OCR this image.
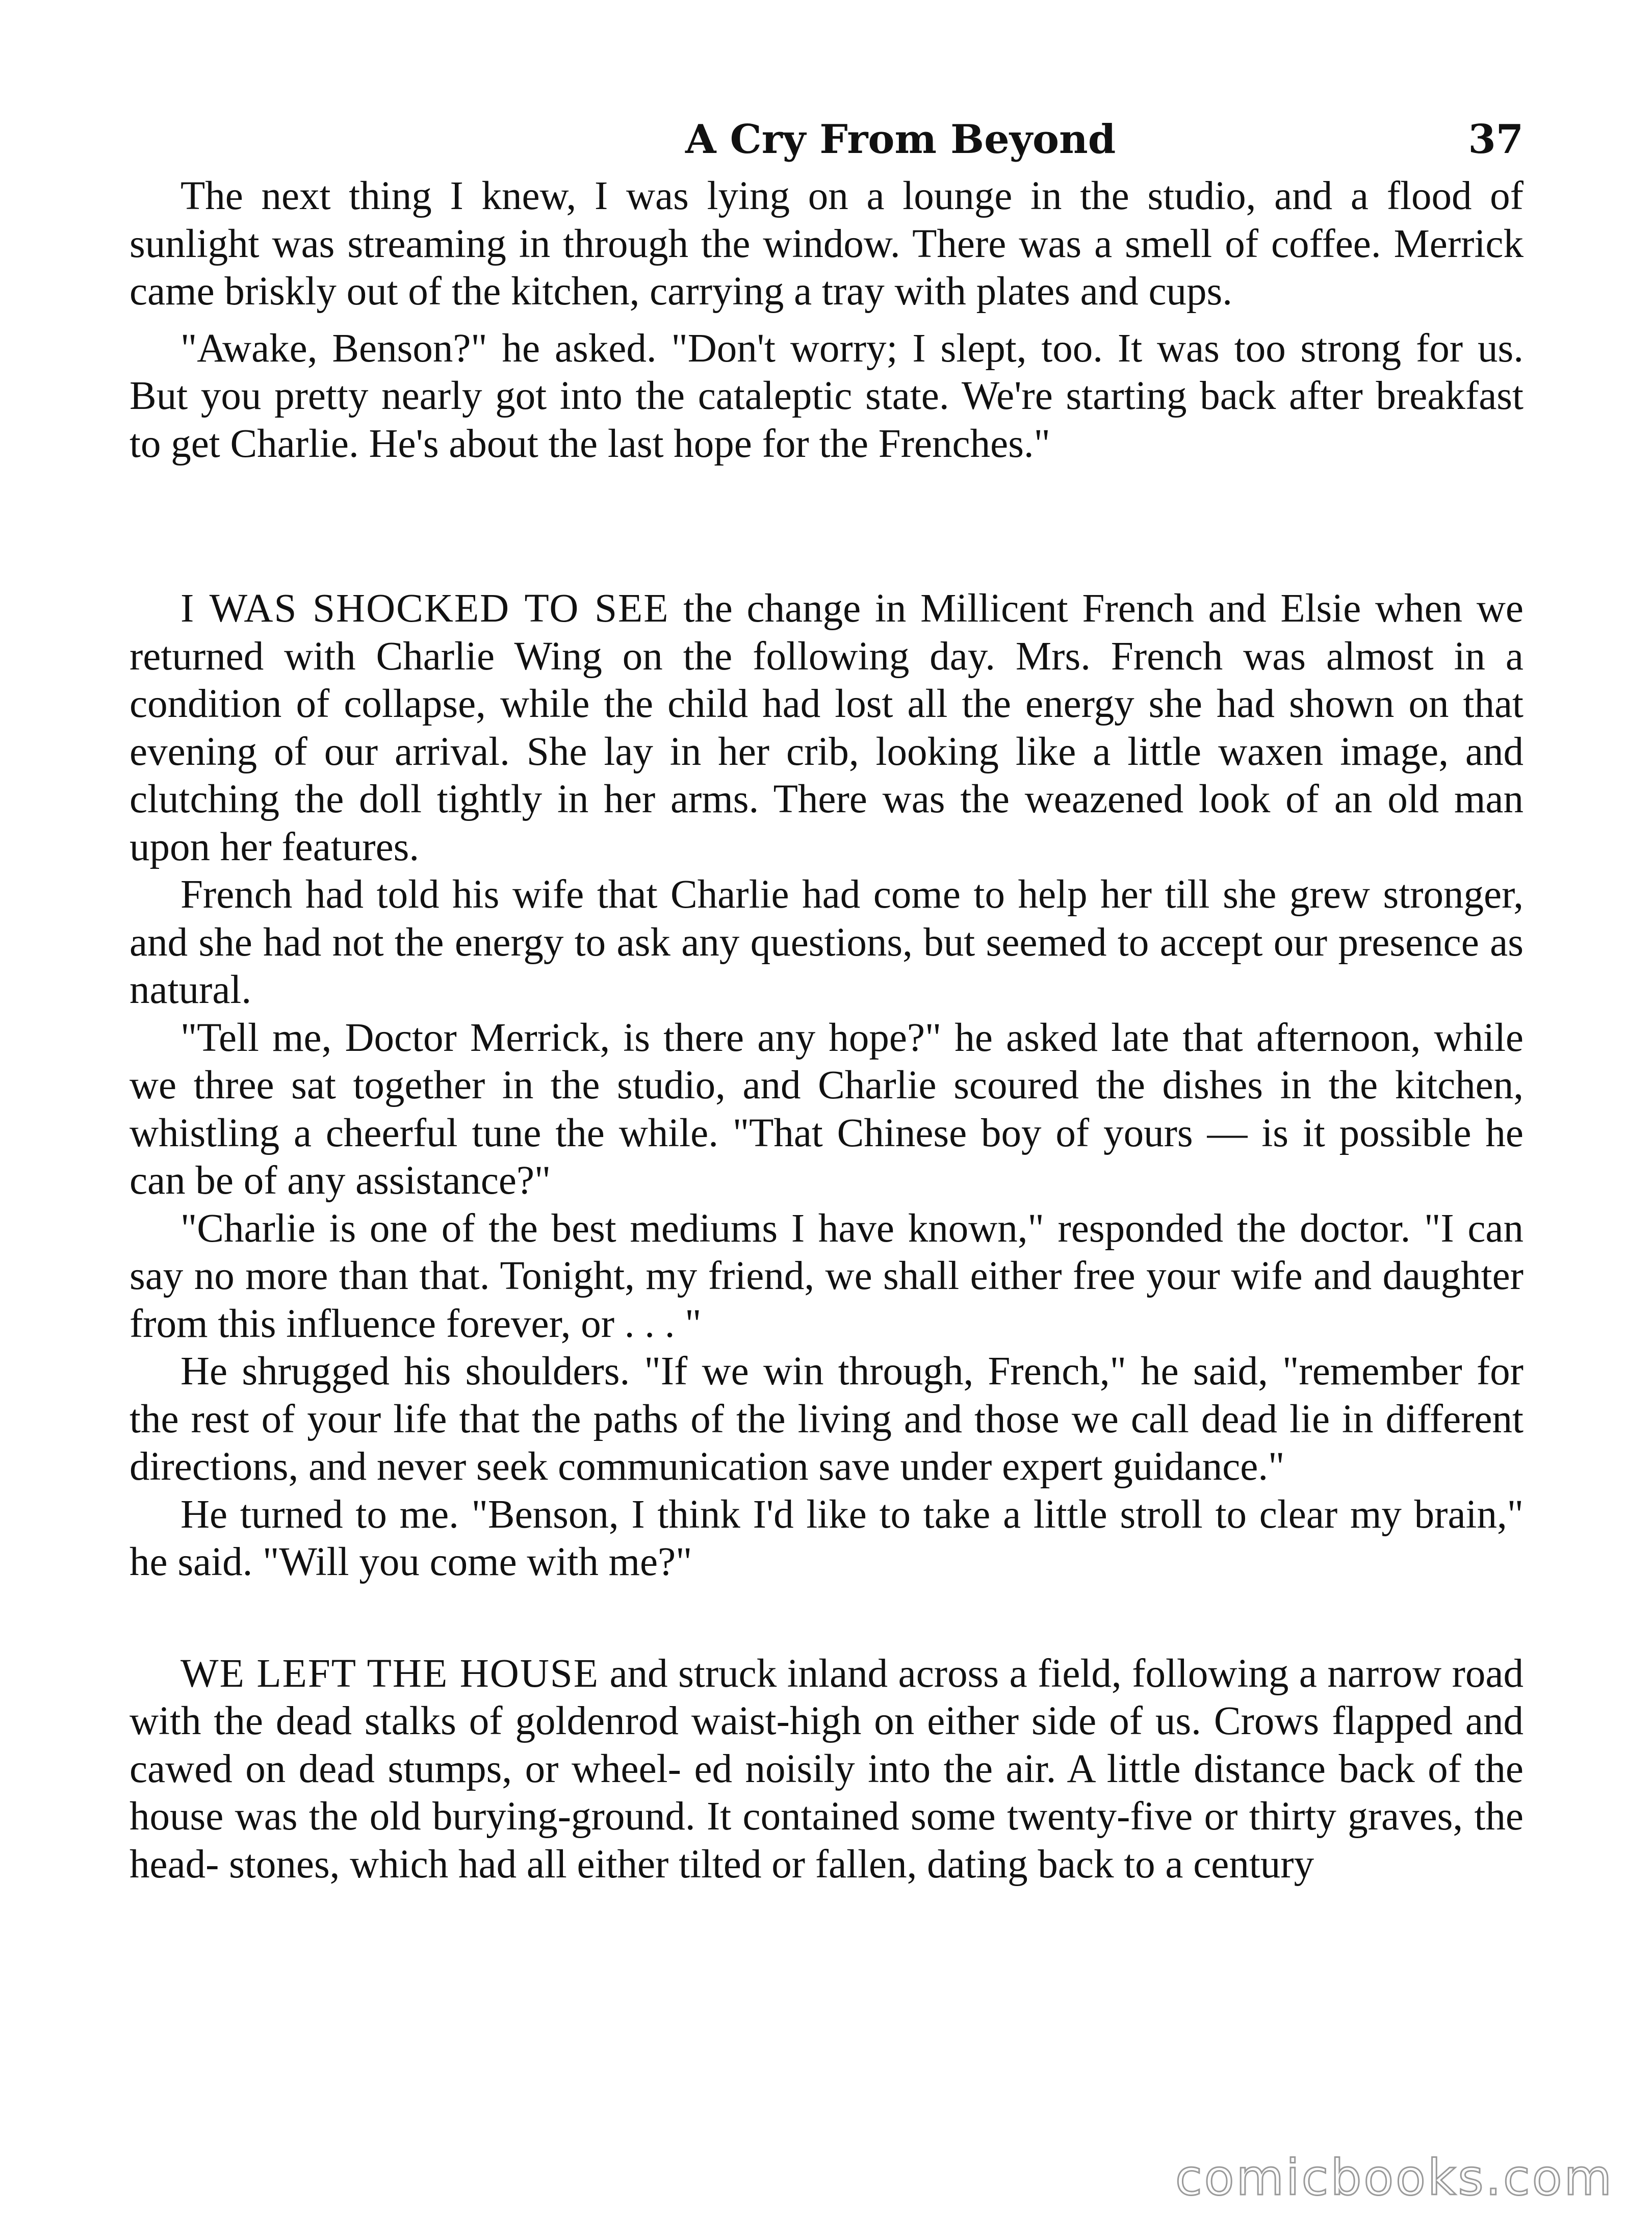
A Cry From Beyond	37

The next thing I knew, I was lying on a lounge in the studio, and a flood of sunlight was streaming in through the window. There was a smell of coffee. Merrick came briskly out of the kitchen, carrying a tray with plates and cups.

"Awake, Benson?" he asked. "Don't worry; I slept, too. It was too strong for us. But you pretty nearly got into the cataleptic state. We're starting back after breakfast to get Charlie. He's about the last hope for the Frenches."

I WAS SHOCKED TO SEE the change in Millicent French and Elsie when we returned with Charlie Wing on the following day. Mrs. French was almost in a condition of collapse, while the child had lost all the energy she had shown on that evening of our arrival. She lay in her crib, looking like a little waxen image, and clutching the doll tightly in her arms. There was the weazened look of an old man upon her features.

French had told his wife that Charlie had come to help her till she grew stronger, and she had not the energy to ask any questions, but seemed to accept our presence as natural.

"Tell me, Doctor Merrick, is there any hope?" he asked late that afternoon, while we three sat together in the studio, and Charlie scoured the dishes in the kitchen, whistling a cheerful tune the while. "That Chinese boy of yours — is it possible he can be of any assistance?"

"Charlie is one of the best mediums I have known," responded the doctor. "I can say no more than that. Tonight, my friend, we shall either free your wife and daughter from this influence forever, or . . . "

He shrugged his shoulders. "If we win through, French," he said, "remember for the rest of your life that the paths of the living and those we call dead lie in different directions, and never seek communication save under expert guidance."

He turned to me. "Benson, I think I'd like to take a little stroll to clear my brain," he said. "Will you come with me?"

WE LEFT THE HOUSE and struck inland across a field, following a narrow road with the dead stalks of goldenrod waist-high on either side of us. Crows flapped and cawed on dead stumps, or wheel- ed noisily into the air. A little distance back of the house was the old burying-ground. It contained some twenty-five or thirty graves, the head- stones, which had all either tilted or fallen, dating back to a century

comicbooks.com
